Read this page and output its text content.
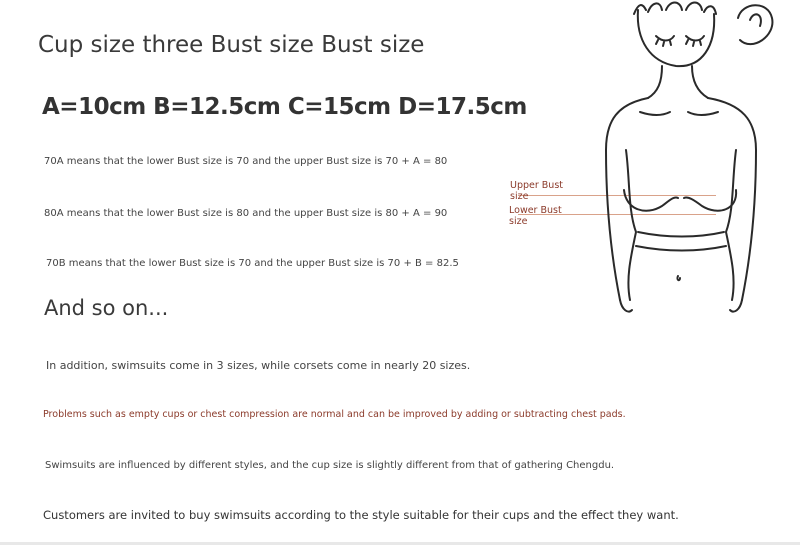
Cup size three Bust size Bust size
A=10cm B=12.5cm C=15cm D=17.5cm

70A means that the lower Bust size is 70 and the upper Bust size is 70 + A = 80

80A means that the lower Bust size is 80 and the upper Bust size is 80 + A = 90

70B means that the lower Bust size is 70 and the upper Bust size is 70 + B = 82.5

And so on...

In addition, swimsuits come in 3 sizes, while corsets come in nearly 20 sizes.

Problems such as empty cups or chest compression are normal and can be improved by adding or subtracting chest pads.

Swimsuits are influenced by different styles, and the cup size is slightly different from that of gathering Chengdu.

Customers are invited to buy swimsuits according to the style suitable for their cups and the effect they want.

Upper Bust
size
Lower Bust
size
